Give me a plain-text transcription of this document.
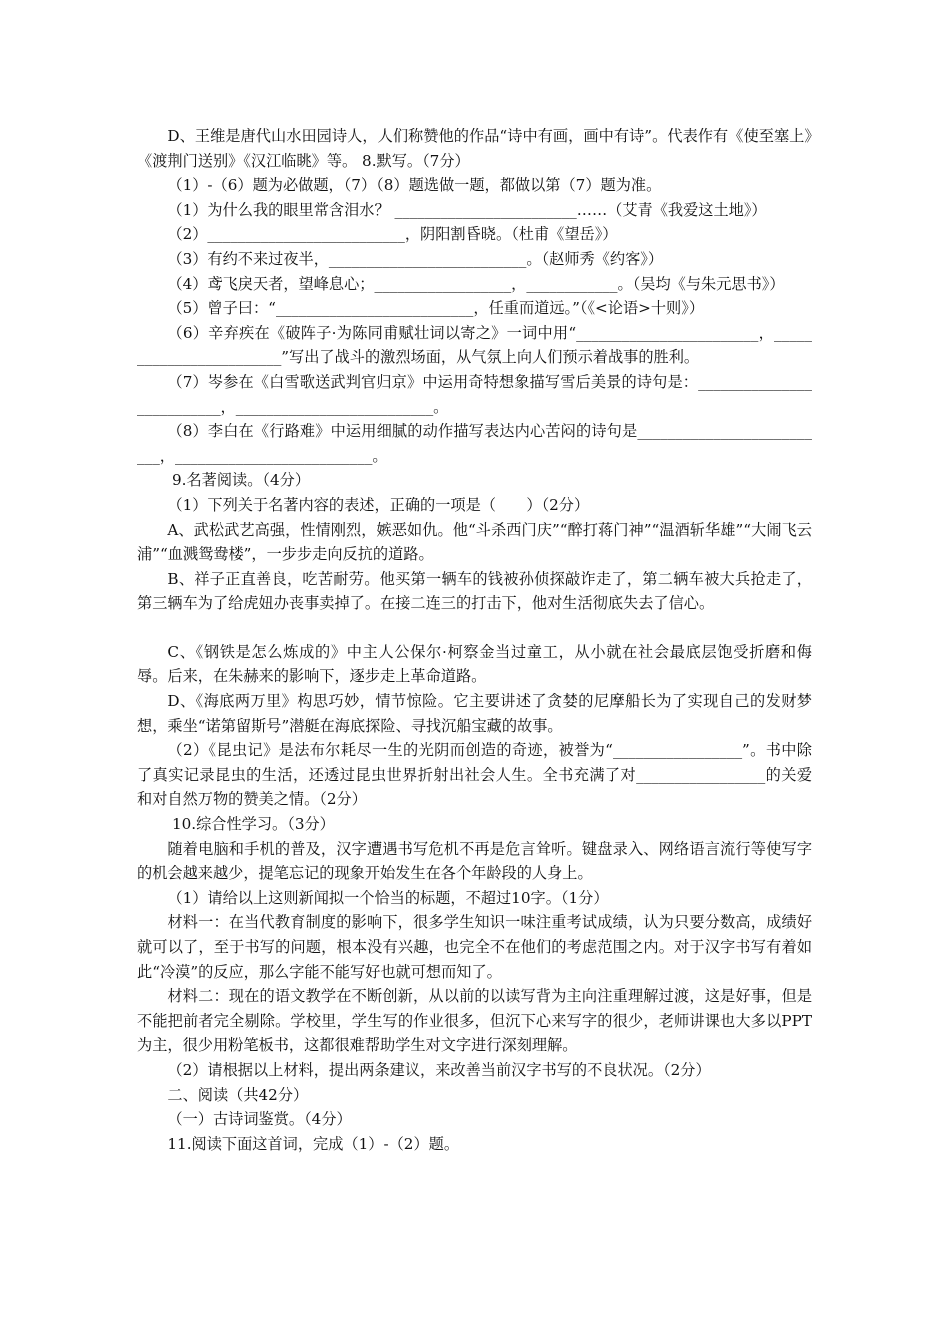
D、王维是唐代山水田园诗人，人们称赞他的作品“诗中有画，画中有诗”。代表作有《使至塞上》《渡荆门送别》《汉江临眺》等。 8.默写。（7分）

（1）-（6）题为必做题，（7）（8）题选做一题，都做以第（7）题为准。

（1）为什么我的眼里常含泪水？ ________________________……（艾青《我爱这土地》）

（2）__________________________，阴阳割昏晓。（杜甫《望岳》）

（3）有约不来过夜半，__________________________。（赵师秀《约客》）

（4）鸢飞戾天者，望峰息心；__________________，____________。（吴均《与朱元思书》）

（5）曾子曰：“__________________________，任重而道远。”（《<论语>十则》）

（6）辛弃疾在《破阵子·为陈同甫赋壮词以寄之》一词中用“________________________，________________________”写出了战斗的激烈场面，从气氛上向人们预示着战事的胜利。

（7）岑参在《白雪歌送武判官归京》中运用奇特想象描写雪后美景的诗句是：__________________________，__________________________。

（8）李白在《行路难》中运用细腻的动作描写表达内心苦闷的诗句是__________________________，__________________________。

9.名著阅读。（4分）

（1）下列关于名著内容的表述，正确的一项是（　　）（2分）

A、武松武艺高强，性情刚烈，嫉恶如仇。他“斗杀西门庆”“醉打蒋门神”“温酒斩华雄”“大闹飞云浦”“血溅鸳鸯楼”，一步步走向反抗的道路。

B、祥子正直善良，吃苦耐劳。他买第一辆车的钱被孙侦探敲诈走了，第二辆车被大兵抢走了，第三辆车为了给虎妞办丧事卖掉了。在接二连三的打击下，他对生活彻底失去了信心。

C、《钢铁是怎么炼成的》中主人公保尔·柯察金当过童工，从小就在社会最底层饱受折磨和侮辱。后来，在朱赫来的影响下，逐步走上革命道路。

D、《海底两万里》构思巧妙，情节惊险。它主要讲述了贪婪的尼摩船长为了实现自己的发财梦想，乘坐“诺第留斯号”潜艇在海底探险、寻找沉船宝藏的故事。

（2）《昆虫记》是法布尔耗尽一生的光阴而创造的奇迹，被誉为“_________________”。书中除了真实记录昆虫的生活，还透过昆虫世界折射出社会人生。全书充满了对_________________的关爱和对自然万物的赞美之情。（2分）

10.综合性学习。（3分）

随着电脑和手机的普及，汉字遭遇书写危机不再是危言耸听。键盘录入、网络语言流行等使写字的机会越来越少，提笔忘记的现象开始发生在各个年龄段的人身上。

（1）请给以上这则新闻拟一个恰当的标题，不超过10字。（1分）

材料一：在当代教育制度的影响下，很多学生知识一味注重考试成绩，认为只要分数高，成绩好就可以了，至于书写的问题，根本没有兴趣，也完全不在他们的考虑范围之内。对于汉字书写有着如此“冷漠”的反应，那么字能不能写好也就可想而知了。

材料二：现在的语文教学在不断创新，从以前的以读写背为主向注重理解过渡，这是好事，但是不能把前者完全剔除。学校里，学生写的作业很多，但沉下心来写字的很少，老师讲课也大多以PPT为主，很少用粉笔板书，这都很难帮助学生对文字进行深刻理解。

（2）请根据以上材料，提出两条建议，来改善当前汉字书写的不良状况。（2分）

二、阅读（共42分）

（一）古诗词鉴赏。（4分）

11.阅读下面这首词，完成（1）-（2）题。
